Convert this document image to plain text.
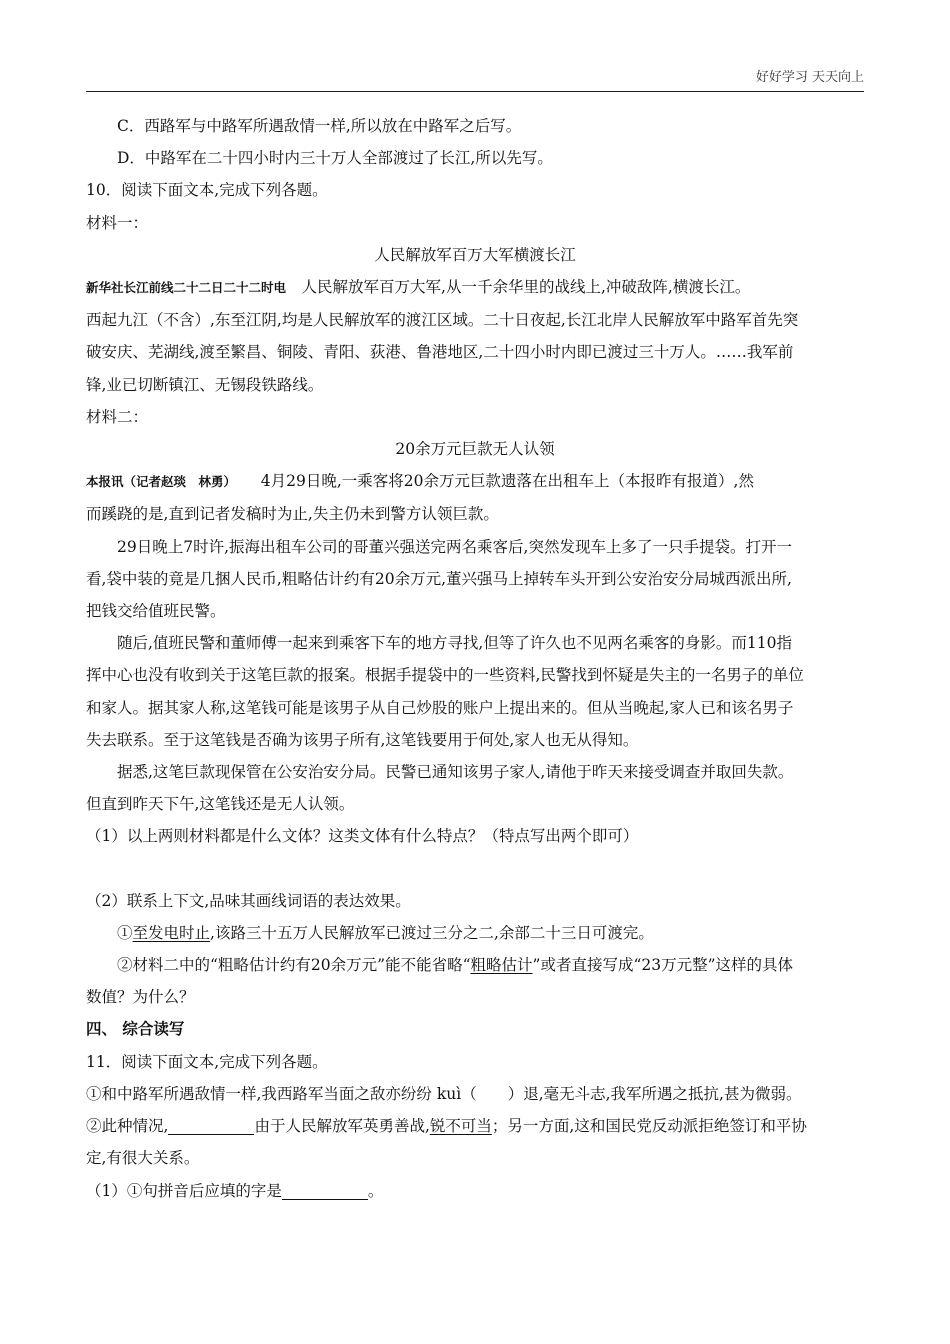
好好学习 天天向上
C．西路军与中路军所遇敌情一样,所以放在中路军之后写。
D．中路军在二十四小时内三十万人全部渡过了长江,所以先写。
10．阅读下面文本,完成下列各题。
材料一：
人民解放军百万大军横渡长江
新华社长江前线二十二日二十二时电　 人民解放军百万大军,从一千余华里的战线上,冲破敌阵,横渡长江。
西起九江（不含）,东至江阴,均是人民解放军的渡江区域。二十日夜起,长江北岸人民解放军中路军首先突
破安庆、芜湖线,渡至繁昌、铜陵、青阳、荻港、鲁港地区,二十四小时内即已渡过三十万人。……我军前
锋,业已切断镇江、无锡段铁路线。
材料二：
20余万元巨款无人认领
本报讯（记者赵琰　林勇）　　 4月29日晚,一乘客将20余万元巨款遗落在出租车上（本报昨有报道）,然
而蹊跷的是,直到记者发稿时为止,失主仍未到警方认领巨款。
29日晚上7时许,振海出租车公司的哥董兴强送完两名乘客后,突然发现车上多了一只手提袋。打开一
看,袋中装的竟是几捆人民币,粗略估计约有20余万元,董兴强马上掉转车头开到公安治安分局城西派出所,
把钱交给值班民警。
随后,值班民警和董师傅一起来到乘客下车的地方寻找,但等了许久也不见两名乘客的身影。而110指
挥中心也没有收到关于这笔巨款的报案。根据手提袋中的一些资料,民警找到怀疑是失主的一名男子的单位
和家人。据其家人称,这笔钱可能是该男子从自己炒股的账户上提出来的。但从当晚起,家人已和该名男子
失去联系。至于这笔钱是否确为该男子所有,这笔钱要用于何处,家人也无从得知。
据悉,这笔巨款现保管在公安治安分局。民警已通知该男子家人,请他于昨天来接受调查并取回失款。
但直到昨天下午,这笔钱还是无人认领。
（1）以上两则材料都是什么文体？这类文体有什么特点？（特点写出两个即可）
（2）联系上下文,品味其画线词语的表达效果。
①至发电时止,该路三十五万人民解放军已渡过三分之二,余部二十三日可渡完。
②材料二中的“粗略估计约有20余万元”能不能省略“粗略估计”或者直接写成“23万元整”这样的具体
数值？为什么？
四、 综合读写
11．阅读下面文本,完成下列各题。
①和中路军所遇敌情一样,我西路军当面之敌亦纷纷 kuì（　　）退,毫无斗志,我军所遇之抵抗,甚为微弱。
②此种情况,	由于人民解放军英勇善战,锐不可当；另一方面,这和国民党反动派拒绝签订和平协
定,有很大关系。
（1）①句拼音后应填的字是	。
